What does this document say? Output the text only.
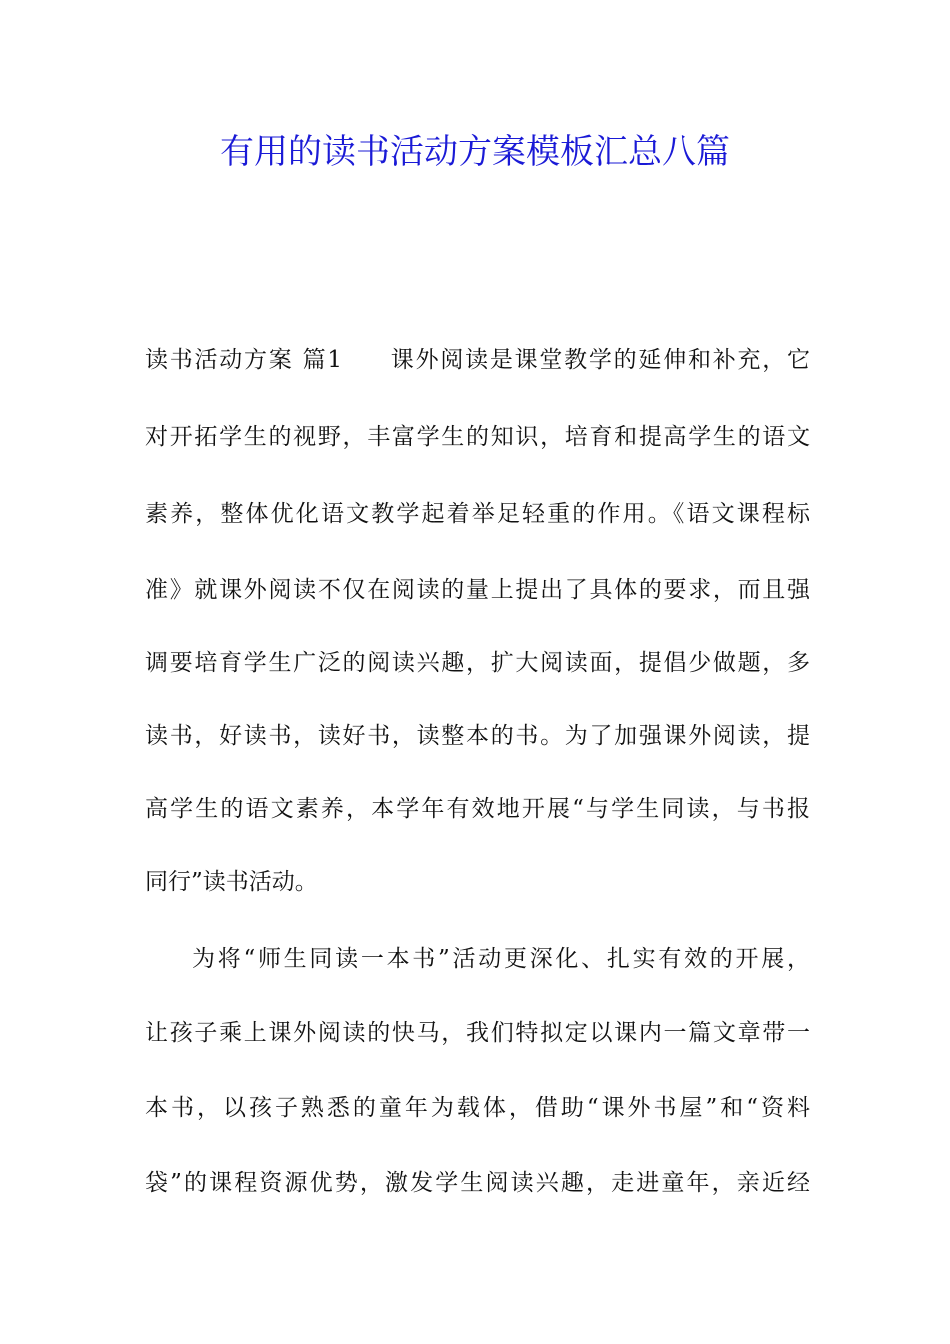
有用的读书活动方案模板汇总八篇

读书活动方案 篇1 课外阅读是课堂教学的延伸和补充，它

对开拓学生的视野，丰富学生的知识，培育和提高学生的语文

素养，整体优化语文教学起着举足轻重的作用。《语文课程标

准》就课外阅读不仅在阅读的量上提出了具体的要求，而且强

调要培育学生广泛的阅读兴趣，扩大阅读面，提倡少做题，多

读书，好读书，读好书，读整本的书。为了加强课外阅读，提

高学生的语文素养，本学年有效地开展“与学生同读，与书报

同行”读书活动。

为将“师生同读一本书”活动更深化、扎实有效的开展，

让孩子乘上课外阅读的快马，我们特拟定以课内一篇文章带一

本书，以孩子熟悉的童年为载体，借助“课外书屋”和“资料

袋”的课程资源优势，激发学生阅读兴趣，走进童年，亲近经
